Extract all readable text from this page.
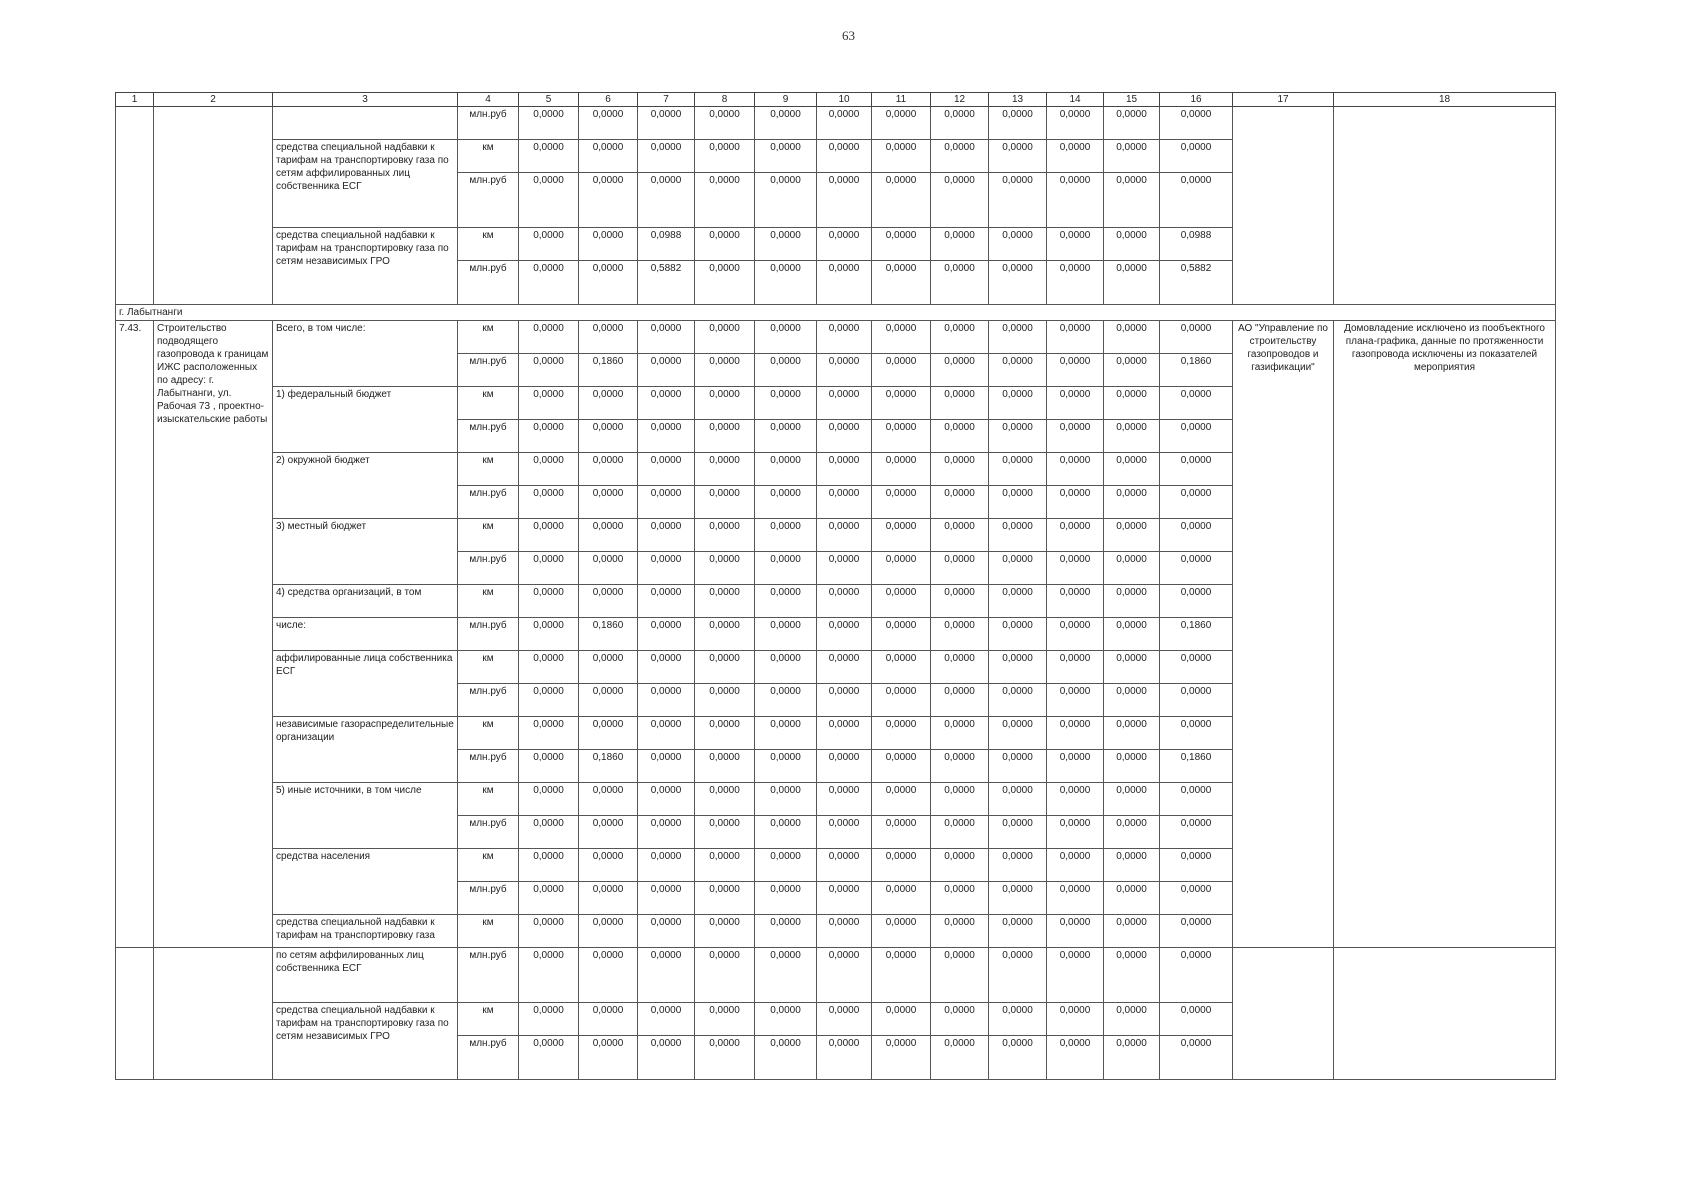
63
1	2	3	4	5	6	7	8	9	10	11	12	13	14	15	16	17	18
			млн.руб	0,0000	0,0000	0,0000	0,0000	0,0000	0,0000	0,0000	0,0000	0,0000	0,0000	0,0000	0,0000		
		средства специальной надбавки к тарифам на транспортировку газа по сетям аффилированных лиц собственника ЕСГ	км	0,0000	0,0000	0,0000	0,0000	0,0000	0,0000	0,0000	0,0000	0,0000	0,0000	0,0000	0,0000		
			млн.руб	0,0000	0,0000	0,0000	0,0000	0,0000	0,0000	0,0000	0,0000	0,0000	0,0000	0,0000	0,0000		
		средства специальной надбавки к тарифам на транспортировку газа по сетям независимых ГРО	км	0,0000	0,0000	0,0988	0,0000	0,0000	0,0000	0,0000	0,0000	0,0000	0,0000	0,0000	0,0988		
			млн.руб	0,0000	0,0000	0,5882	0,0000	0,0000	0,0000	0,0000	0,0000	0,0000	0,0000	0,0000	0,5882		
г. Лабытнанги																	
7.43.	Строительство подводящего газопровода к границам ИЖС расположенных по адресу: г. Лабытнанги, ул. Рабочая 73 , проектно-изыскательские работы	Всего, в том числе:	км	0,0000	0,0000	0,0000	0,0000	0,0000	0,0000	0,0000	0,0000	0,0000	0,0000	0,0000	0,0000	АО "Управление по строительству газопроводов и газификации"	Домовладение исключено из пообъектного плана-графика, данные по протяженности газопровода исключены из показателей мероприятия
			млн.руб	0,0000	0,1860	0,0000	0,0000	0,0000	0,0000	0,0000	0,0000	0,0000	0,0000	0,0000	0,1860		
		1) федеральный бюджет	км	0,0000	0,0000	0,0000	0,0000	0,0000	0,0000	0,0000	0,0000	0,0000	0,0000	0,0000	0,0000		
			млн.руб	0,0000	0,0000	0,0000	0,0000	0,0000	0,0000	0,0000	0,0000	0,0000	0,0000	0,0000	0,0000		
		2) окружной бюджет	км	0,0000	0,0000	0,0000	0,0000	0,0000	0,0000	0,0000	0,0000	0,0000	0,0000	0,0000	0,0000		
			млн.руб	0,0000	0,0000	0,0000	0,0000	0,0000	0,0000	0,0000	0,0000	0,0000	0,0000	0,0000	0,0000		
		3) местный бюджет	км	0,0000	0,0000	0,0000	0,0000	0,0000	0,0000	0,0000	0,0000	0,0000	0,0000	0,0000	0,0000		
			млн.руб	0,0000	0,0000	0,0000	0,0000	0,0000	0,0000	0,0000	0,0000	0,0000	0,0000	0,0000	0,0000		
		4) средства организаций, в том	км	0,0000	0,0000	0,0000	0,0000	0,0000	0,0000	0,0000	0,0000	0,0000	0,0000	0,0000	0,0000		
		числе:	млн.руб	0,0000	0,1860	0,0000	0,0000	0,0000	0,0000	0,0000	0,0000	0,0000	0,0000	0,0000	0,1860		
		аффилированные лица собственника ЕСГ	км	0,0000	0,0000	0,0000	0,0000	0,0000	0,0000	0,0000	0,0000	0,0000	0,0000	0,0000	0,0000		
			млн.руб	0,0000	0,0000	0,0000	0,0000	0,0000	0,0000	0,0000	0,0000	0,0000	0,0000	0,0000	0,0000		
		независимые газораспределительные организации	км	0,0000	0,0000	0,0000	0,0000	0,0000	0,0000	0,0000	0,0000	0,0000	0,0000	0,0000	0,0000		
			млн.руб	0,0000	0,1860	0,0000	0,0000	0,0000	0,0000	0,0000	0,0000	0,0000	0,0000	0,0000	0,1860		
		5) иные источники, в том числе	км	0,0000	0,0000	0,0000	0,0000	0,0000	0,0000	0,0000	0,0000	0,0000	0,0000	0,0000	0,0000		
			млн.руб	0,0000	0,0000	0,0000	0,0000	0,0000	0,0000	0,0000	0,0000	0,0000	0,0000	0,0000	0,0000		
		средства населения	км	0,0000	0,0000	0,0000	0,0000	0,0000	0,0000	0,0000	0,0000	0,0000	0,0000	0,0000	0,0000		
			млн.руб	0,0000	0,0000	0,0000	0,0000	0,0000	0,0000	0,0000	0,0000	0,0000	0,0000	0,0000	0,0000		
		средства специальной надбавки к тарифам на транспортировку газа	км	0,0000	0,0000	0,0000	0,0000	0,0000	0,0000	0,0000	0,0000	0,0000	0,0000	0,0000	0,0000		
		по сетям аффилированных лиц собственника ЕСГ	млн.руб	0,0000	0,0000	0,0000	0,0000	0,0000	0,0000	0,0000	0,0000	0,0000	0,0000	0,0000	0,0000		
		средства специальной надбавки к тарифам на транспортировку газа по сетям независимых ГРО	км	0,0000	0,0000	0,0000	0,0000	0,0000	0,0000	0,0000	0,0000	0,0000	0,0000	0,0000	0,0000		
			млн.руб	0,0000	0,0000	0,0000	0,0000	0,0000	0,0000	0,0000	0,0000	0,0000	0,0000	0,0000	0,0000		
